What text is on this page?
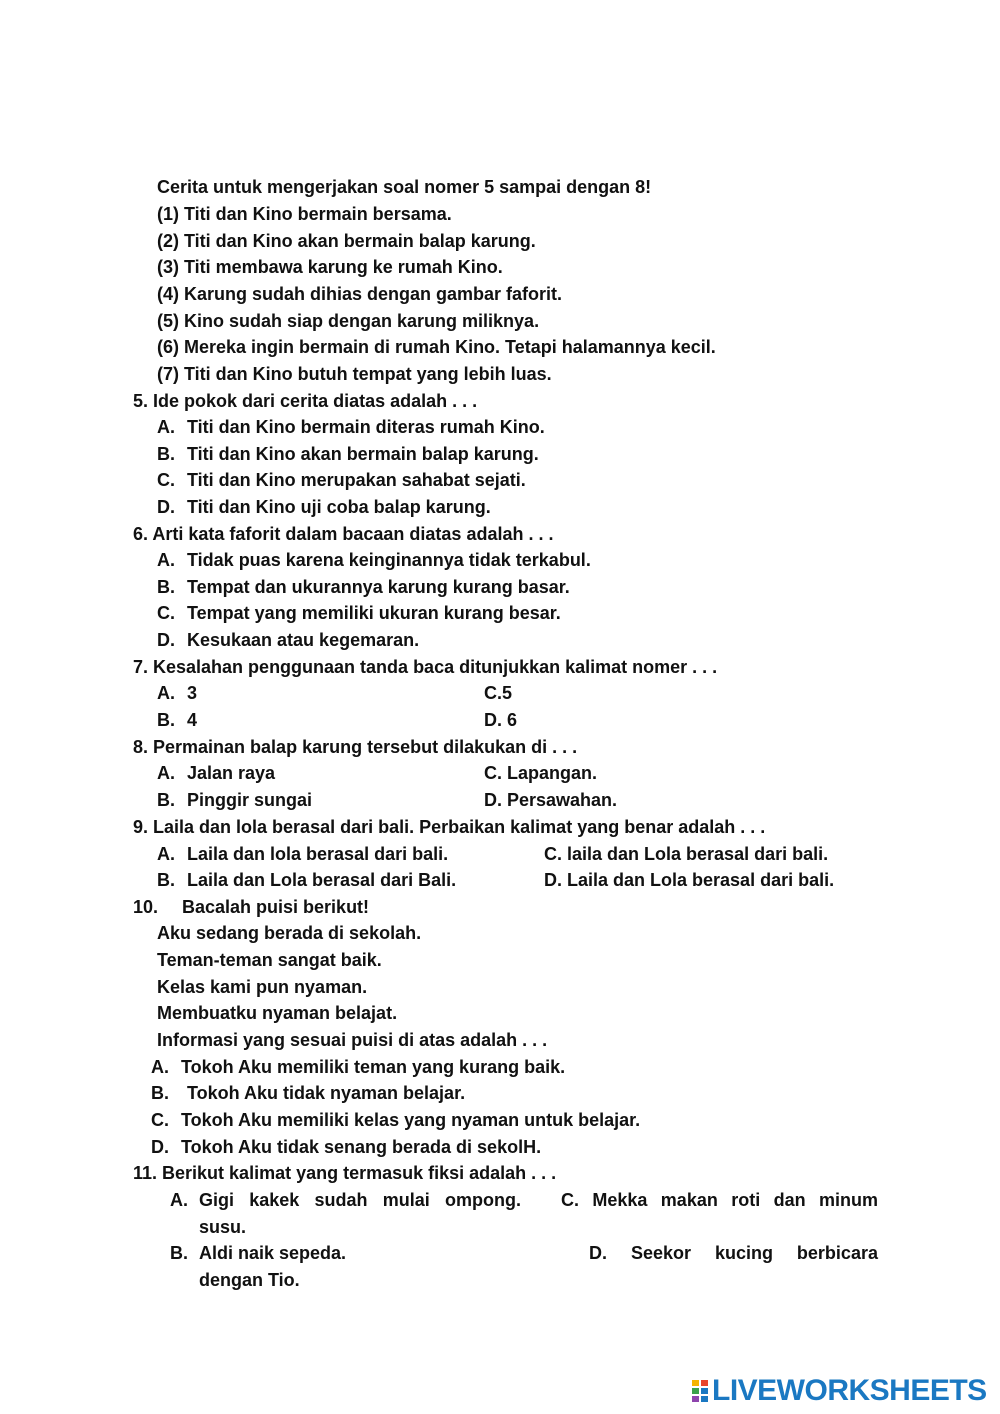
Cerita untuk mengerjakan soal nomer 5 sampai dengan 8!
(1) Titi dan Kino bermain bersama.
(2) Titi dan Kino akan bermain balap karung.
(3) Titi membawa karung ke rumah Kino.
(4) Karung sudah dihias dengan gambar faforit.
(5) Kino sudah siap dengan karung miliknya.
(6) Mereka ingin bermain di rumah Kino. Tetapi halamannya kecil.
(7) Titi dan Kino butuh tempat yang lebih luas.
5. Ide pokok dari cerita diatas adalah . . .
A. Titi dan Kino bermain diteras rumah Kino.
B. Titi dan Kino akan bermain balap karung.
C. Titi dan Kino merupakan sahabat sejati.
D. Titi dan Kino uji coba balap karung.
6. Arti kata faforit dalam bacaan diatas adalah . . .
A. Tidak puas karena keinginannya tidak terkabul.
B. Tempat dan ukurannya karung kurang basar.
C. Tempat yang memiliki ukuran kurang besar.
D. Kesukaan atau kegemaran.
7. Kesalahan penggunaan tanda baca ditunjukkan kalimat nomer . . .
A. 3	C.5
B. 4	D. 6
8. Permainan balap karung tersebut dilakukan di . . .
A. Jalan raya	C. Lapangan.
B. Pinggir sungai	D. Persawahan.
9. Laila dan lola berasal dari bali. Perbaikan kalimat yang benar adalah . . .
A. Laila dan lola berasal dari bali.	C. laila dan Lola berasal dari bali.
B. Laila dan Lola berasal dari Bali.	D. Laila dan Lola berasal dari bali.
10. Bacalah puisi berikut!
Aku sedang berada di sekolah.
Teman-teman sangat baik.
Kelas kami pun nyaman.
Membuatku nyaman belajat.
Informasi yang sesuai puisi di atas adalah . . .
A. Tokoh Aku memiliki teman yang kurang baik.
B. Tokoh Aku tidak nyaman belajar.
C. Tokoh Aku memiliki kelas yang nyaman untuk belajar.
D. Tokoh Aku tidak senang berada di sekolH.
11. Berikut kalimat yang termasuk fiksi adalah . . .
A. Gigi kakek sudah mulai ompong. C. Mekka makan roti dan minum
susu.
B. Aldi naik sepeda.	D. Seekor kucing berbicara
dengan Tio.
LIVEWORKSHEETS
